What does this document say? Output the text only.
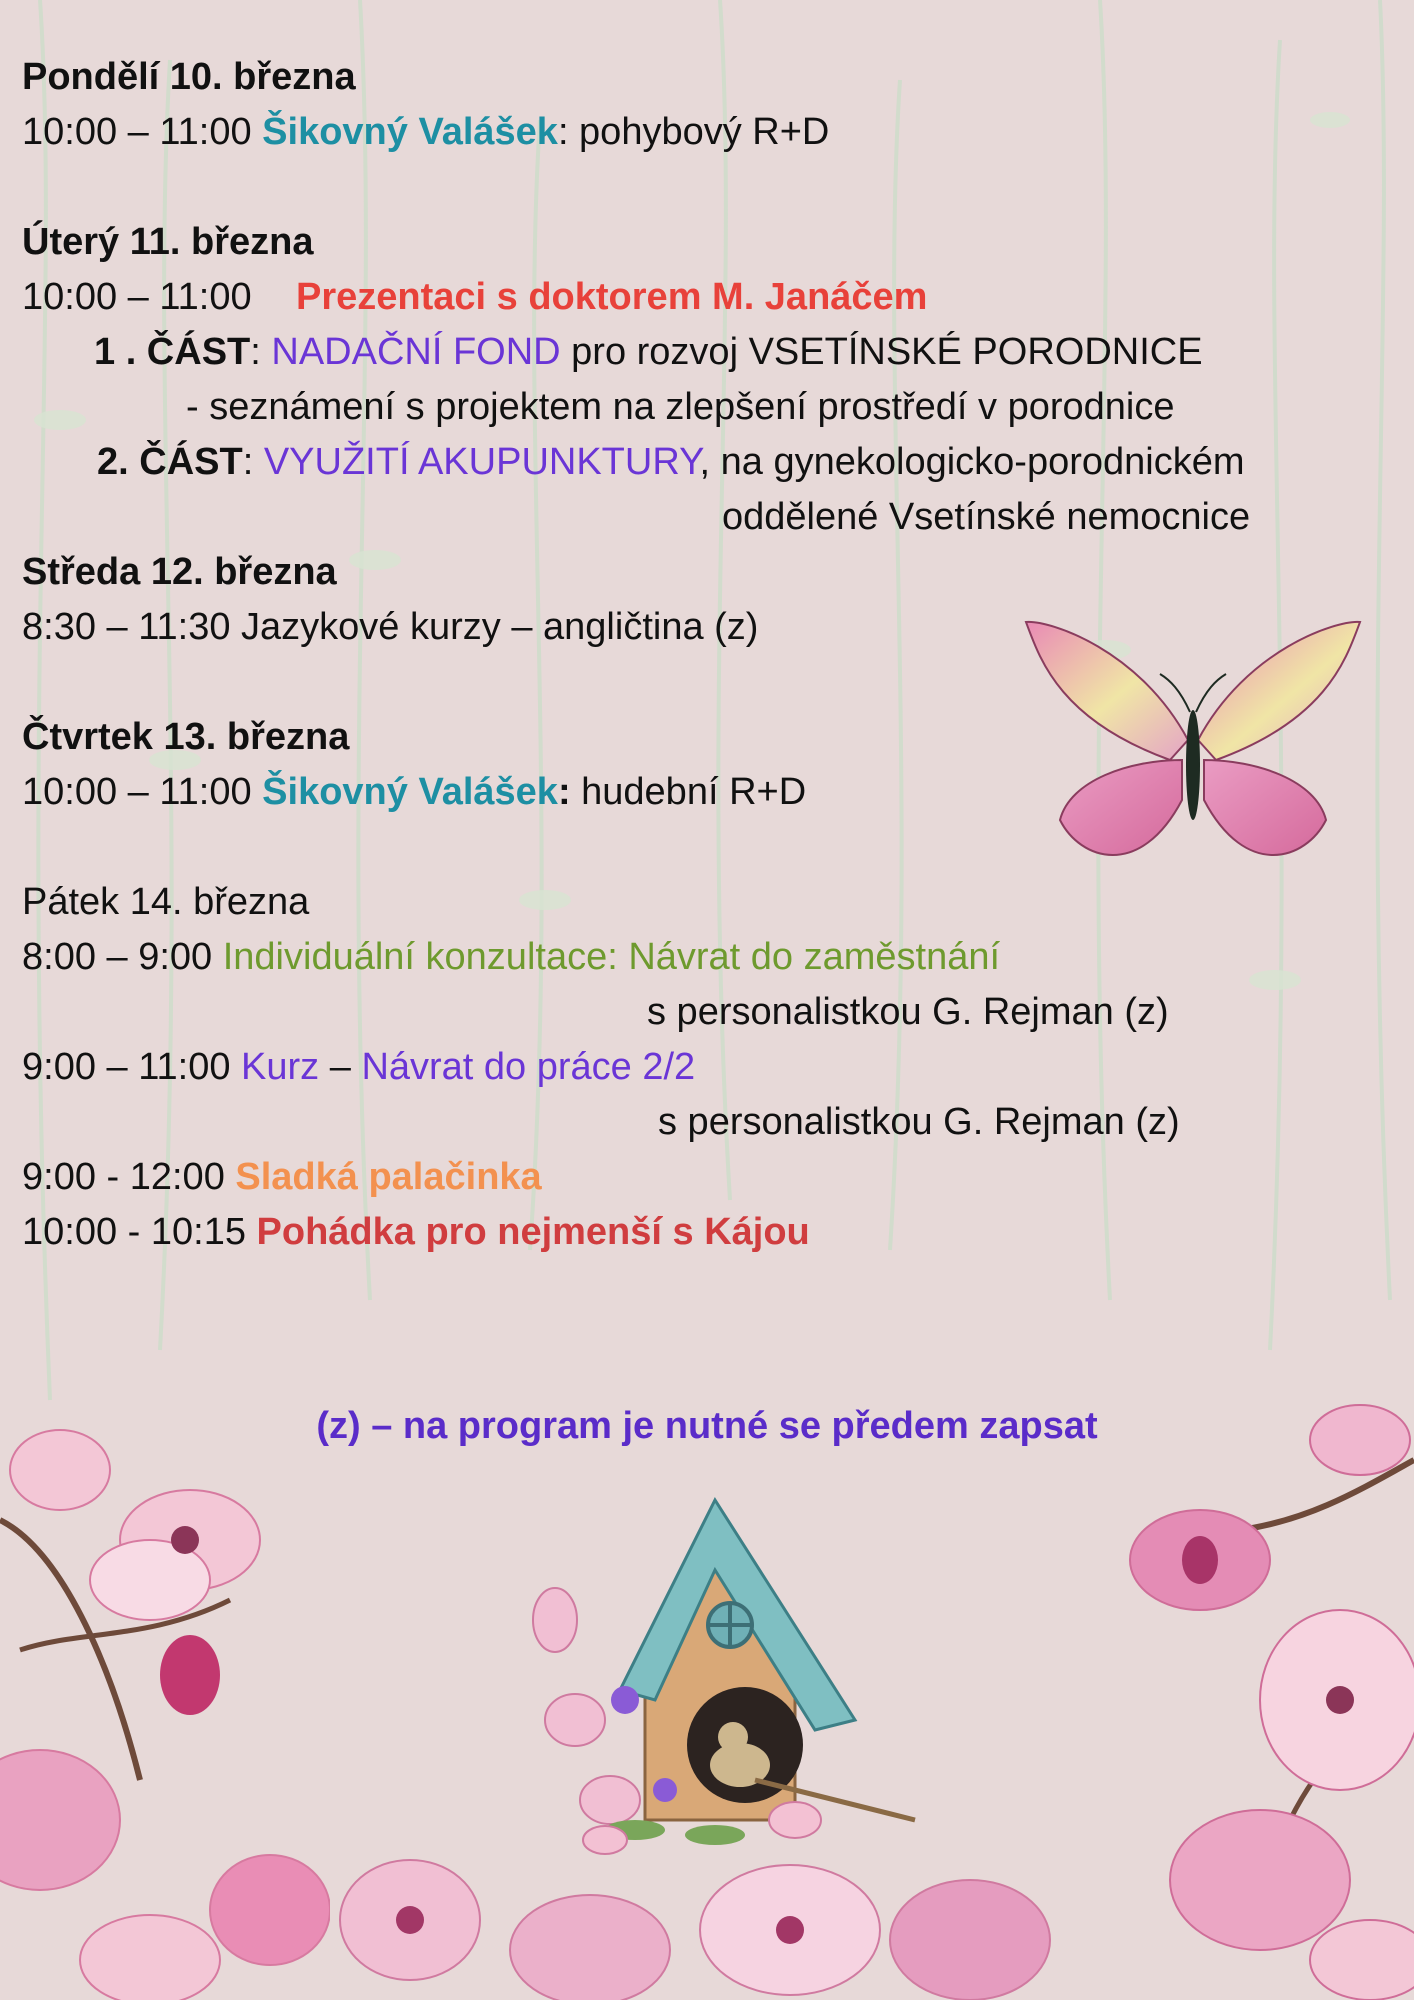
Pondělí 10. března
10:00 – 11:00 Šikovný Valášek: pohybový R+D
Úterý 11. března
10:00 – 11:00 Prezentaci s doktorem M. Janáčem
1 . ČÁST: NADAČNÍ FOND pro rozvoj VSETÍNSKÉ PORODNICE
- seznámení s projektem na zlepšení prostředí v porodnice
2. ČÁST: VYUŽITÍ AKUPUNKTURY, na gynekologicko-porodnickém
oddělené Vsetínské nemocnice
Středa 12. března
8:30 – 11:30 Jazykové kurzy – angličtina (z)
Čtvrtek 13. března
10:00 – 11:00 Šikovný Valášek: hudební R+D
Pátek 14. března
8:00 – 9:00 Individuální konzultace: Návrat do zaměstnání
s personalistkou G. Rejman (z)
9:00 – 11:00 Kurz – Návrat do práce 2/2
s personalistkou G. Rejman (z)
9:00 - 12:00 Sladká palačinka
10:00 - 10:15 Pohádka pro nejmenší s Kájou
(z) – na program je nutné se předem zapsat
